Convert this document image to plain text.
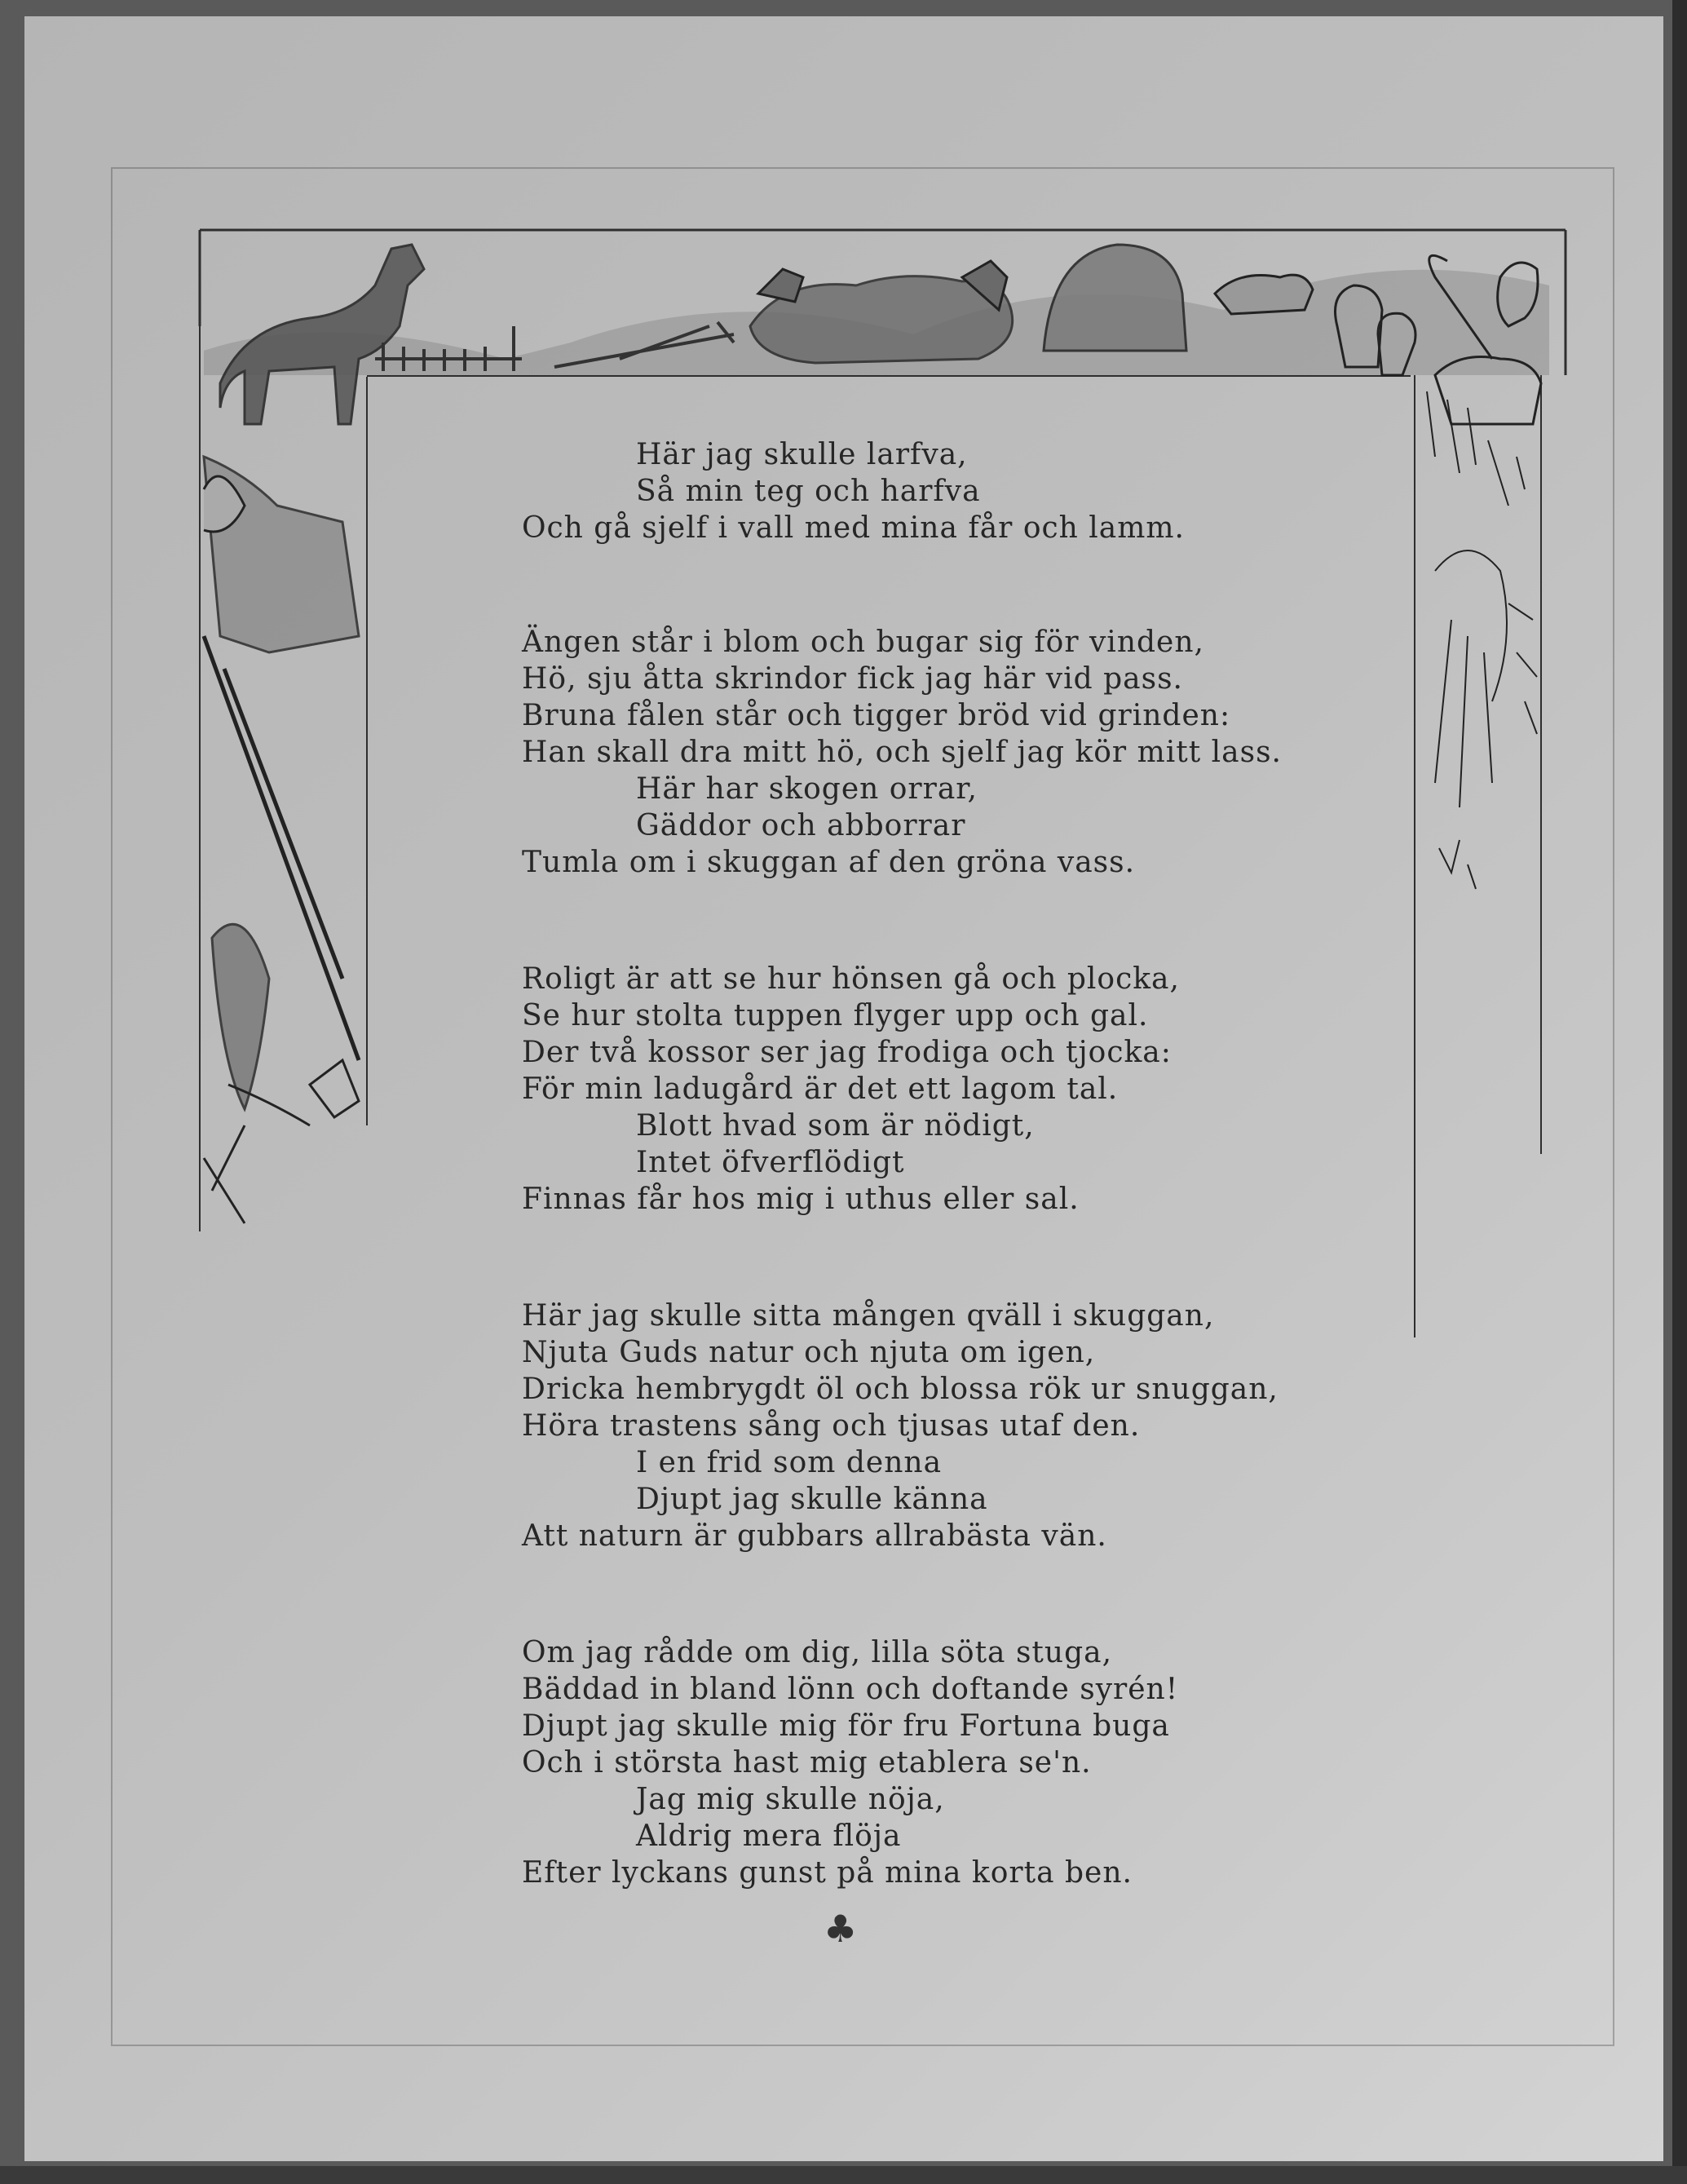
Här jag skulle larfva,
Så min teg och harfva
Och gå sjelf i vall med mina får och lamm.
Ängen står i blom och bugar sig för vinden,
Hö, sju åtta skrindor fick jag här vid pass.
Bruna fålen står och tigger bröd vid grinden:
Han skall dra mitt hö, och sjelf jag kör mitt lass.
Här har skogen orrar,
Gäddor och abborrar
Tumla om i skuggan af den gröna vass.
Roligt är att se hur hönsen gå och plocka,
Se hur stolta tuppen flyger upp och gal.
Der två kossor ser jag frodiga och tjocka:
För min ladugård är det ett lagom tal.
Blott hvad som är nödigt,
Intet öfverflödigt
Finnas får hos mig i uthus eller sal.
Här jag skulle sitta mången qväll i skuggan,
Njuta Guds natur och njuta om igen,
Dricka hembrygdt öl och blossa rök ur snuggan,
Höra trastens sång och tjusas utaf den.
I en frid som denna
Djupt jag skulle känna
Att naturn är gubbars allrabästa vän.
Om jag rådde om dig, lilla söta stuga,
Bäddad in bland lönn och doftande syrén!
Djupt jag skulle mig för fru Fortuna buga
Och i största hast mig etablera se'n.
Jag mig skulle nöja,
Aldrig mera flöja
Efter lyckans gunst på mina korta ben.
♣
